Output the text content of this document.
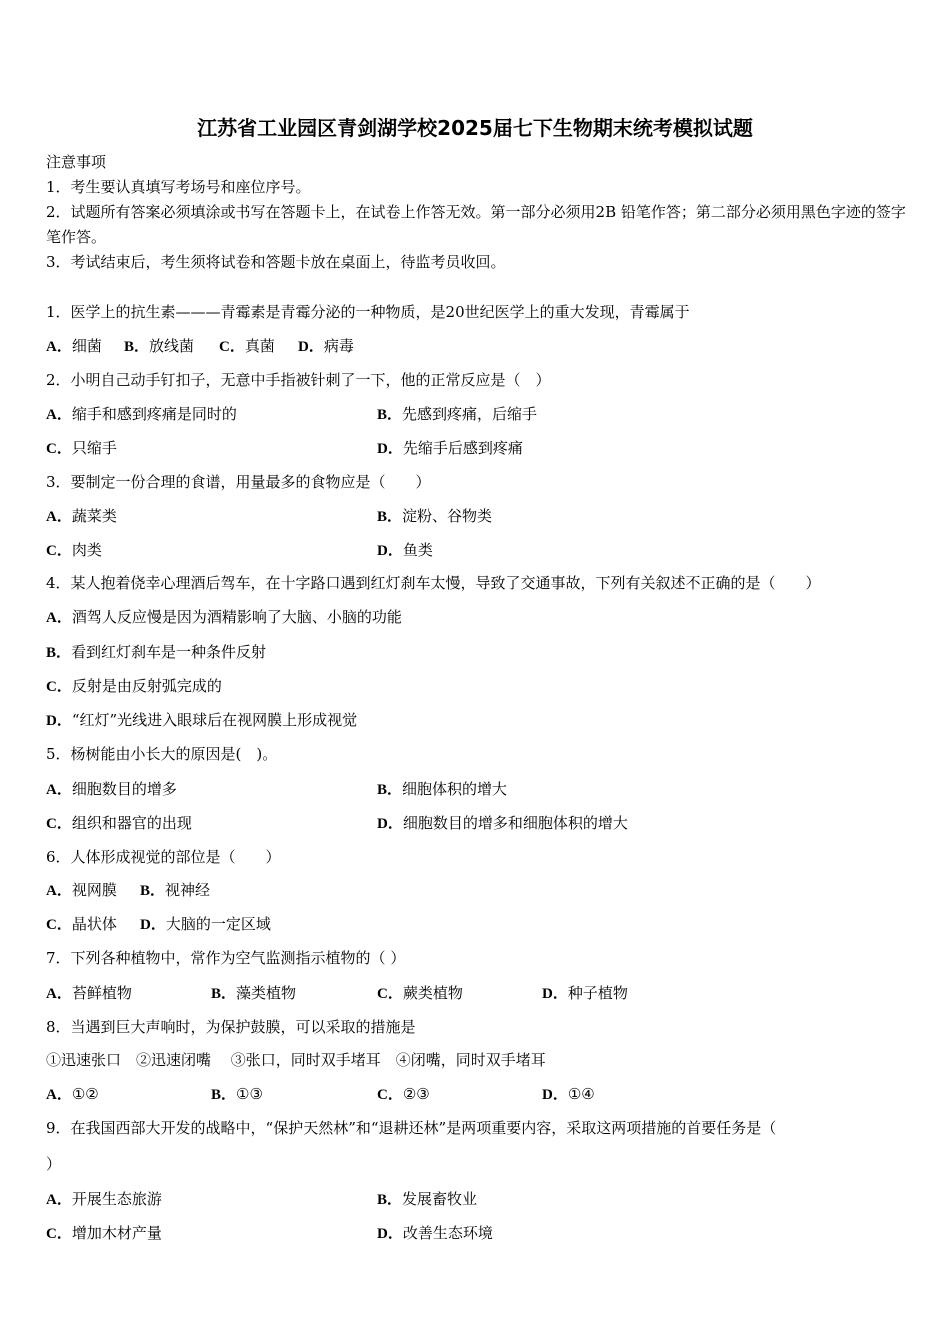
江苏省工业园区青剑湖学校2025届七下生物期末统考模拟试题
注意事项
1．考生要认真填写考场号和座位序号。
2．试题所有答案必须填涂或书写在答题卡上，在试卷上作答无效。第一部分必须用2B 铅笔作答；第二部分必须用黑色字迹的签字笔作答。
3．考试结束后，考生须将试卷和答题卡放在桌面上，待监考员收回。
1．医学上的抗生素———青霉素是青霉分泌的一种物质，是20世纪医学上的重大发现，青霉属于
A．细菌 B．放线菌 C．真菌 D．病毒
2．小明自己动手钉扣子，无意中手指被针刺了一下，他的正常反应是（　）
A．缩手和感到疼痛是同时的	B．先感到疼痛，后缩手
C．只缩手	D．先缩手后感到疼痛
3．要制定一份合理的食谱，用量最多的食物应是（　　）
A．蔬菜类	B．淀粉、谷物类
C．肉类	D．鱼类
4．某人抱着侥幸心理酒后驾车，在十字路口遇到红灯刹车太慢，导致了交通事故，下列有关叙述不正确的是（　　）
A．酒驾人反应慢是因为酒精影响了大脑、小脑的功能
B．看到红灯刹车是一种条件反射
C．反射是由反射弧完成的
D．“红灯”光线进入眼球后在视网膜上形成视觉
5．杨树能由小长大的原因是(　)。
A．细胞数目的增多	B．细胞体积的增大
C．组织和器官的出现	D．细胞数目的增多和细胞体积的增大
6．人体形成视觉的部位是（　　）
A．视网膜 B．视神经
C．晶状体 D．大脑的一定区域
7．下列各种植物中，常作为空气监测指示植物的（ ）
A．苔鲜植物	B．藻类植物	C．蕨类植物	D．种子植物
8．当遇到巨大声响时，为保护鼓膜，可以采取的措施是
①迅速张口　②迅速闭嘴　 ③张口，同时双手堵耳　④闭嘴，同时双手堵耳
A．①②	B．①③	C．②③	D．①④
9．在我国西部大开发的战略中，“保护天然林”和“退耕还林”是两项重要内容，采取这两项措施的首要任务是（
）
A．开展生态旅游	B．发展畜牧业
C．增加木材产量	D．改善生态环境
